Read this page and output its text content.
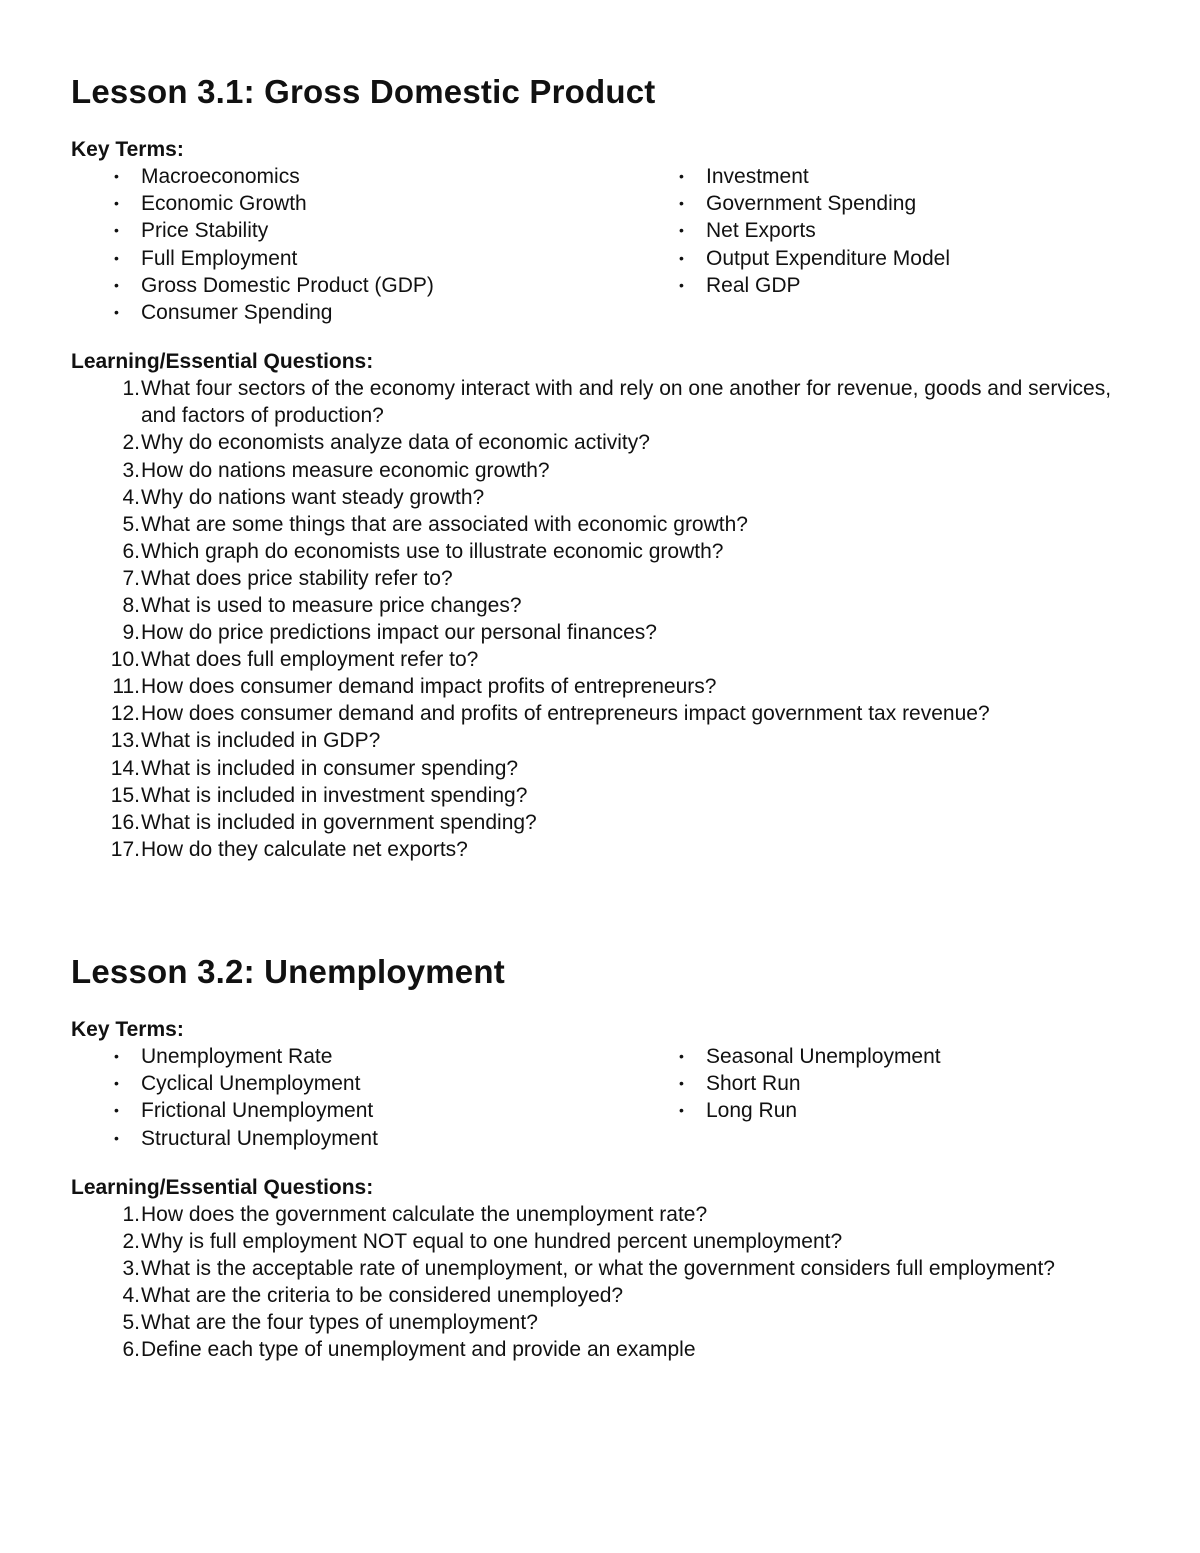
Lesson 3.1: Gross Domestic Product
Key Terms:
• Macroeconomics
• Economic Growth
• Price Stability
• Full Employment
• Gross Domestic Product (GDP)
• Consumer Spending
• Investment
• Government Spending
• Net Exports
• Output Expenditure Model
• Real GDP
Learning/Essential Questions:
1. What four sectors of the economy interact with and rely on one another for revenue, goods and services, and factors of production?
2. Why do economists analyze data of economic activity?
3. How do nations measure economic growth?
4. Why do nations want steady growth?
5. What are some things that are associated with economic growth?
6. Which graph do economists use to illustrate economic growth?
7. What does price stability refer to?
8. What is used to measure price changes?
9. How do price predictions impact our personal finances?
10. What does full employment refer to?
11. How does consumer demand impact profits of entrepreneurs?
12. How does consumer demand and profits of entrepreneurs impact government tax revenue?
13. What is included in GDP?
14. What is included in consumer spending?
15. What is included in investment spending?
16. What is included in government spending?
17. How do they calculate net exports?
Lesson 3.2: Unemployment
Key Terms:
• Unemployment Rate
• Cyclical Unemployment
• Frictional Unemployment
• Structural Unemployment
• Seasonal Unemployment
• Short Run
• Long Run
Learning/Essential Questions:
1. How does the government calculate the unemployment rate?
2. Why is full employment NOT equal to one hundred percent unemployment?
3. What is the acceptable rate of unemployment, or what the government considers full employment?
4. What are the criteria to be considered unemployed?
5. What are the four types of unemployment?
6. Define each type of unemployment and provide an example
